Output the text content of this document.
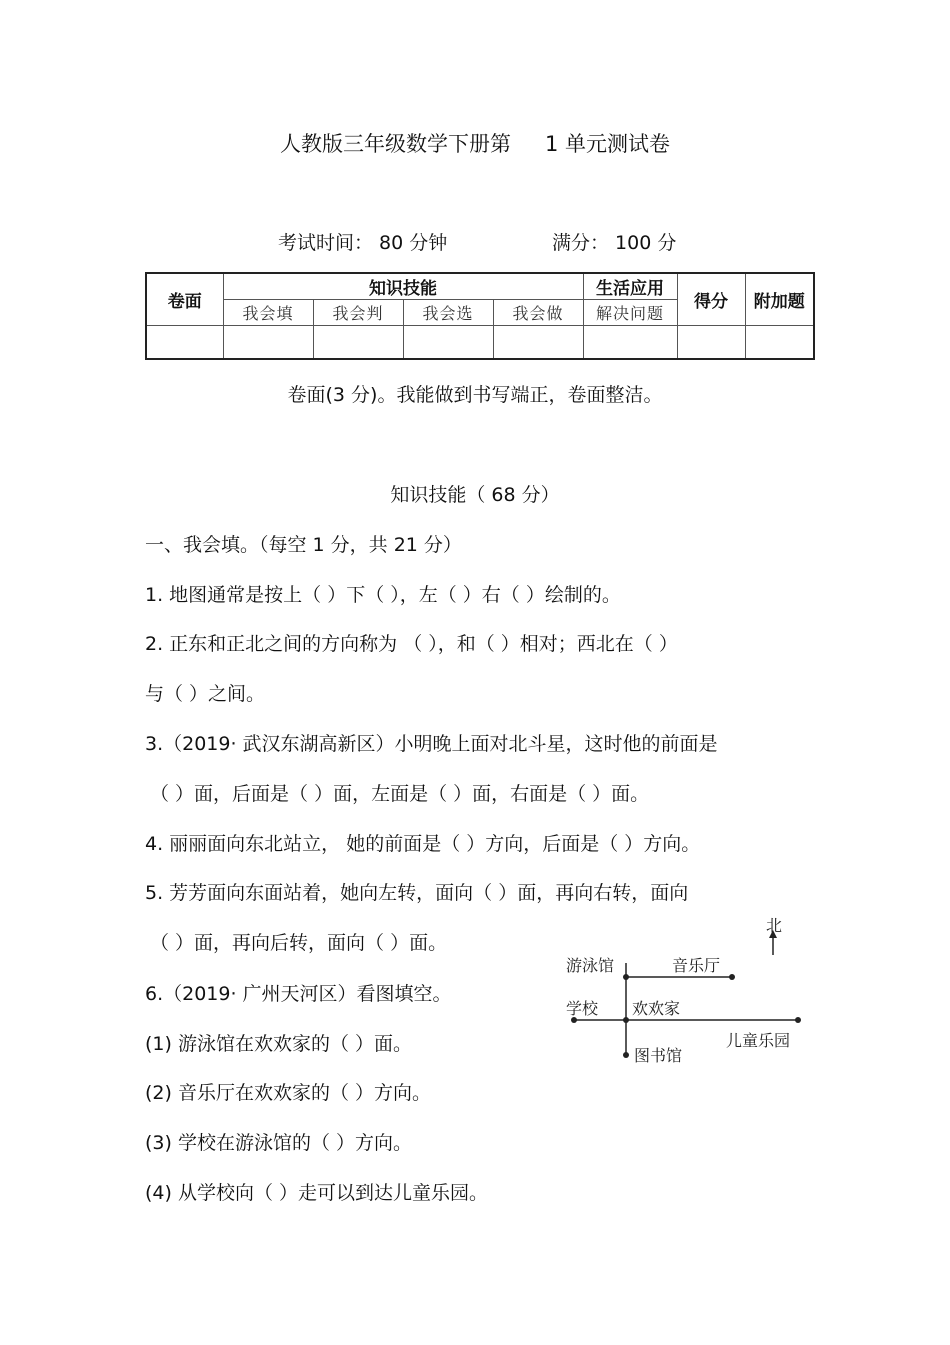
人教版三年级数学下册第 1 单元测试卷
考试时间： 80 分钟	满分： 100 分
卷面	知识技能				生活应用	得分	附加题
	我会填	我会判	我会选	我会做	解决问题		

卷面(3 分)。我能做到书写端正，卷面整洁。
知识技能（ 68 分）
一、我会填。（每空 1 分，共 21 分）
1. 地图通常是按上（ ）下（ ），左（ ）右（ ）绘制的。
2. 正东和正北之间的方向称为 （ ），和（ ）相对；西北在（ ）
与（ ）之间。
3.（2019· 武汉东湖高新区）小明晚上面对北斗星，这时他的前面是
（ ）面，后面是（ ）面，左面是（ ）面，右面是（ ）面。
4. 丽丽面向东北站立， 她的前面是（ ）方向，后面是（ ）方向。
5. 芳芳面向东面站着，她向左转，面向（ ）面，再向右转，面向
（ ）面，再向后转，面向（ ）面。
6.（2019· 广州天河区）看图填空。
(1) 游泳馆在欢欢家的（ ）面。
(2) 音乐厅在欢欢家的（ ）方向。
(3) 学校在游泳馆的（ ）方向。
(4) 从学校向（ ）走可以到达儿童乐园。
北
游泳馆	音乐厅
学校 欢欢家
儿童乐园
图书馆
